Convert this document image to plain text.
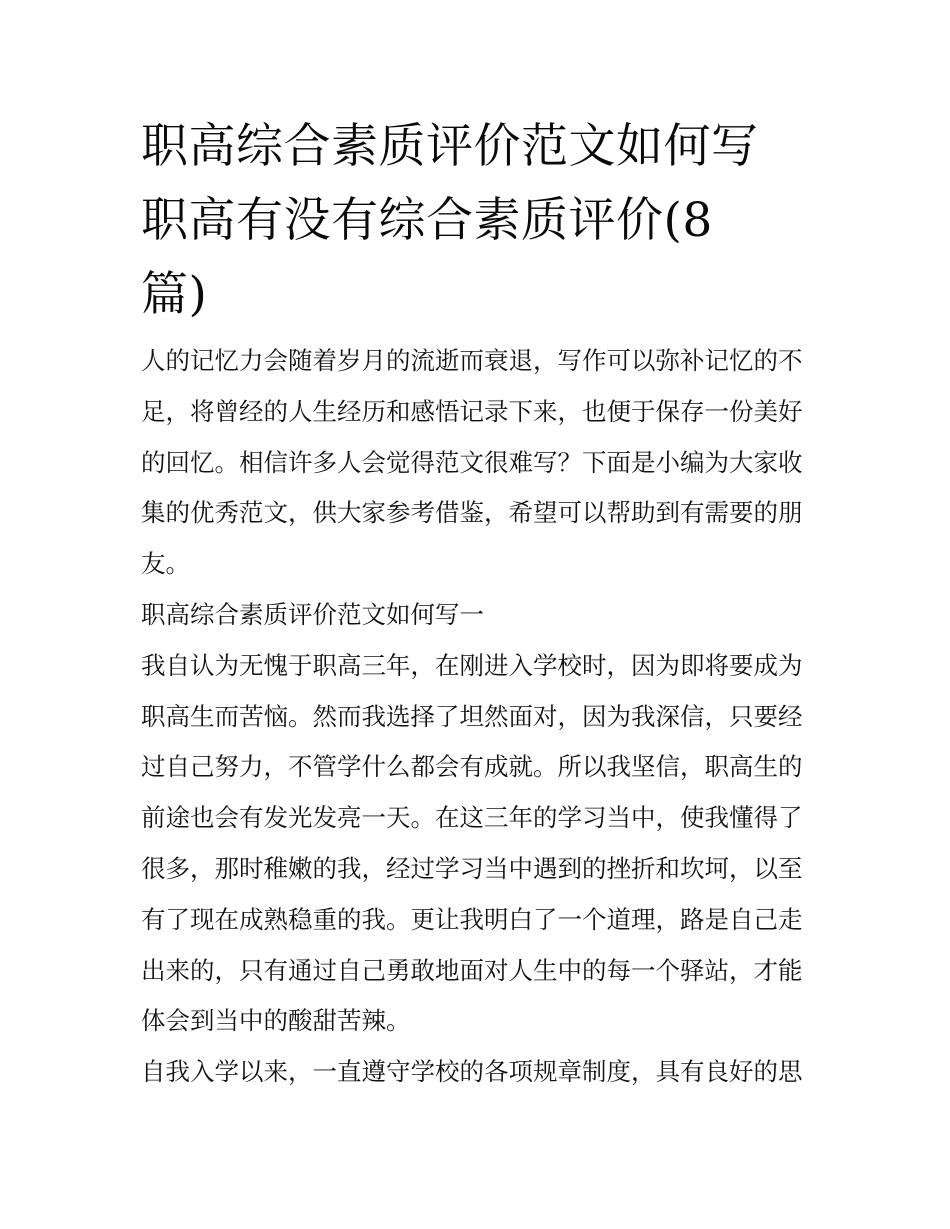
职高综合素质评价范文如何写
职高有没有综合素质评价(8
篇)

人的记忆力会随着岁月的流逝而衰退，写作可以弥补记忆的不
足，将曾经的人生经历和感悟记录下来，也便于保存一份美好
的回忆。相信许多人会觉得范文很难写？下面是小编为大家收
集的优秀范文，供大家参考借鉴，希望可以帮助到有需要的朋
友。

职高综合素质评价范文如何写一

我自认为无愧于职高三年，在刚进入学校时，因为即将要成为
职高生而苦恼。然而我选择了坦然面对，因为我深信，只要经
过自己努力，不管学什么都会有成就。所以我坚信，职高生的
前途也会有发光发亮一天。在这三年的学习当中，使我懂得了
很多，那时稚嫩的我，经过学习当中遇到的挫折和坎坷，以至
有了现在成熟稳重的我。更让我明白了一个道理，路是自己走
出来的，只有通过自己勇敢地面对人生中的每一个驿站，才能
体会到当中的酸甜苦辣。

自我入学以来，一直遵守学校的各项规章制度，具有良好的思
